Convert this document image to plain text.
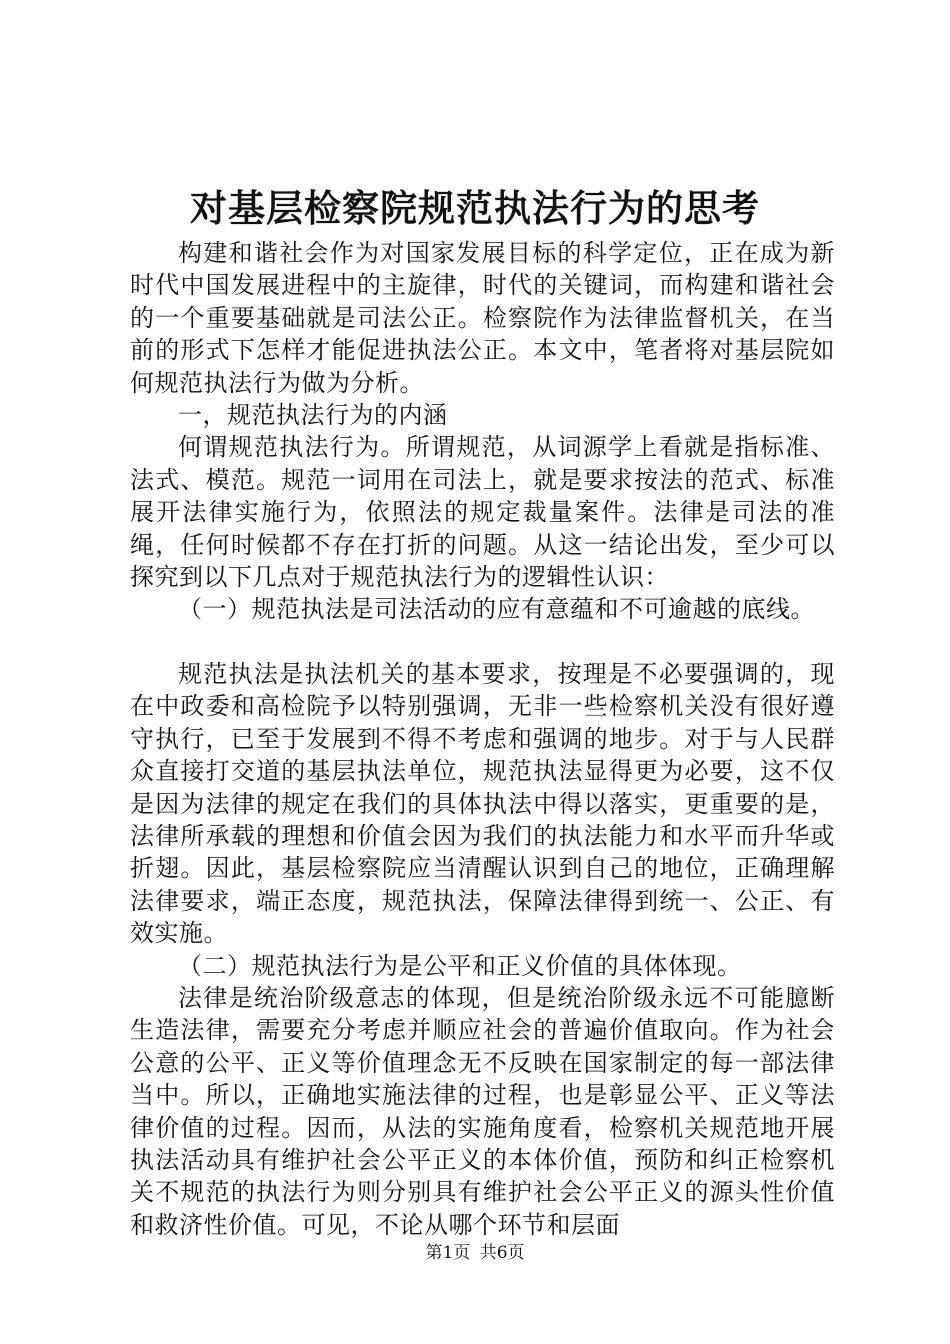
对基层检察院规范执法行为的思考

构建和谐社会作为对国家发展目标的科学定位，正在成为新时代中国发展进程中的主旋律，时代的关键词，而构建和谐社会的一个重要基础就是司法公正。检察院作为法律监督机关，在当前的形式下怎样才能促进执法公正。本文中，笔者将对基层院如何规范执法行为做为分析。

一，规范执法行为的内涵

何谓规范执法行为。所谓规范，从词源学上看就是指标准、法式、模范。规范一词用在司法上，就是要求按法的范式、标准展开法律实施行为，依照法的规定裁量案件。法律是司法的准绳，任何时候都不存在打折的问题。从这一结论出发，至少可以探究到以下几点对于规范执法行为的逻辑性认识：

（一）规范执法是司法活动的应有意蕴和不可逾越的底线。

规范执法是执法机关的基本要求，按理是不必要强调的，现在中政委和高检院予以特别强调，无非一些检察机关没有很好遵守执行，已至于发展到不得不考虑和强调的地步。对于与人民群众直接打交道的基层执法单位，规范执法显得更为必要，这不仅是因为法律的规定在我们的具体执法中得以落实，更重要的是，法律所承载的理想和价值会因为我们的执法能力和水平而升华或折翅。因此，基层检察院应当清醒认识到自己的地位，正确理解法律要求，端正态度，规范执法，保障法律得到统一、公正、有效实施。

（二）规范执法行为是公平和正义价值的具体体现。

法律是统治阶级意志的体现，但是统治阶级永远不可能臆断生造法律，需要充分考虑并顺应社会的普遍价值取向。作为社会公意的公平、正义等价值理念无不反映在国家制定的每一部法律当中。所以，正确地实施法律的过程，也是彰显公平、正义等法律价值的过程。因而，从法的实施角度看，检察机关规范地开展执法活动具有维护社会公平正义的本体价值，预防和纠正检察机关不规范的执法行为则分别具有维护社会公平正义的源头性价值和救济性价值。可见，不论从哪个环节和层面

第1页 共6页
